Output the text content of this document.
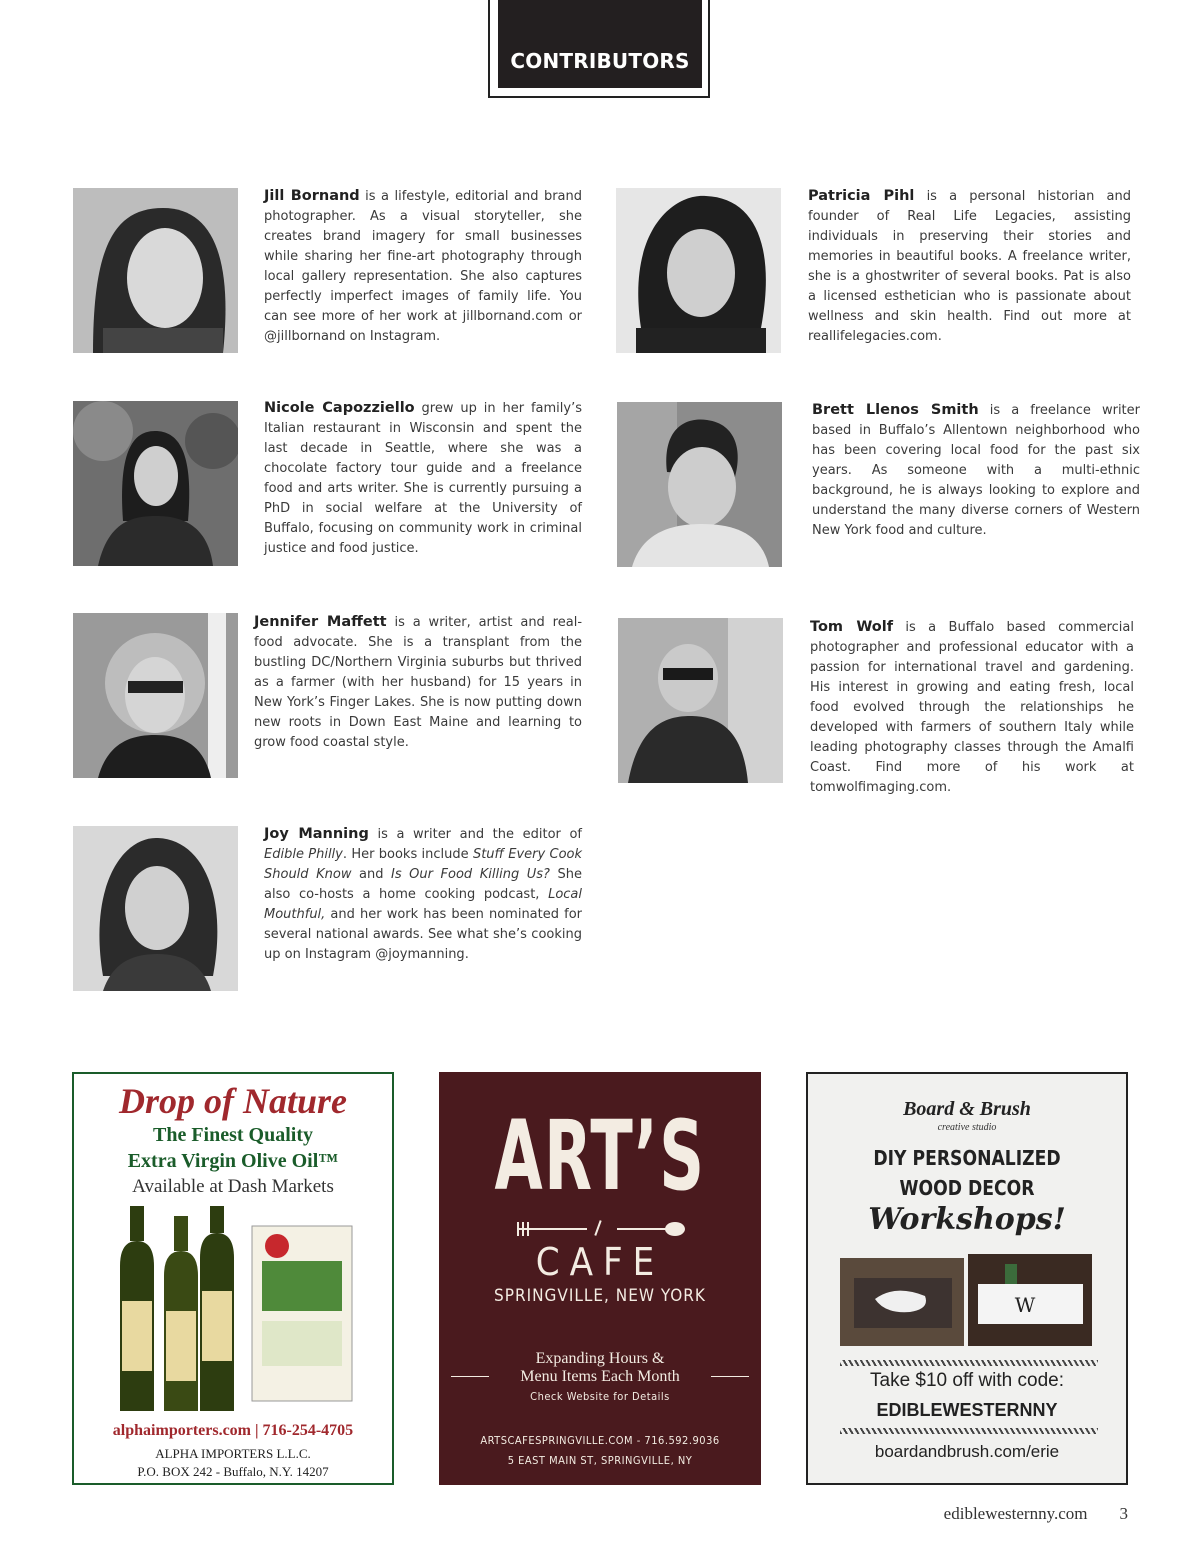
CONTRIBUTORS
Jill Bornand is a lifestyle, editorial and brand photographer. As a visual storyteller, she creates brand imagery for small businesses while sharing her fine-art photography through local gallery representation. She also captures perfectly imperfect images of family life. You can see more of her work at jillbornand.com or @jillbornand on Instagram.
Patricia Pihl is a personal historian and founder of Real Life Legacies, assisting individuals in preserving their stories and memories in beautiful books. A freelance writer, she is a ghostwriter of several books. Pat is also a licensed esthetician who is passionate about wellness and skin health. Find out more at reallifelegacies.com.
Nicole Capozziello grew up in her family’s Italian restaurant in Wisconsin and spent the last decade in Seattle, where she was a chocolate factory tour guide and a freelance food and arts writer. She is currently pursuing a PhD in social welfare at the University of Buffalo, focusing on community work in criminal justice and food justice.
Brett Llenos Smith is a freelance writer based in Buffalo’s Allentown neighborhood who has been covering local food for the past six years. As someone with a multi-ethnic background, he is always looking to explore and understand the many diverse corners of Western New York food and culture.
Jennifer Maffett is a writer, artist and real-food advocate. She is a transplant from the bustling DC/Northern Virginia suburbs but thrived as a farmer (with her husband) for 15 years in New York’s Finger Lakes. She is now putting down new roots in Down East Maine and learning to grow food coastal style.
Tom Wolf is a Buffalo based commercial photographer and professional educator with a passion for international travel and gardening. His interest in growing and eating fresh, local food evolved through the relationships he developed with farmers of southern Italy while leading photography classes through the Amalfi Coast. Find more of his work at tomwolfimaging.com.
Joy Manning is a writer and the editor of Edible Philly. Her books include Stuff Every Cook Should Know and Is Our Food Killing Us? She also co-hosts a home cooking podcast, Local Mouthful, and her work has been nominated for several national awards. See what she’s cooking up on Instagram @joymanning.
Drop of Nature
The Finest Quality
Extra Virgin Olive Oil™
Available at Dash Markets
alphaimporters.com | 716-254-4705
ALPHA IMPORTERS L.L.C.
P.O. BOX 242 - Buffalo, N.Y. 14207
ART’S
CAFE
SPRINGVILLE, NEW YORK
Expanding Hours &
Menu Items Each Month
Check Website for Details
ARTSCAFESPRINGVILLE.COM - 716.592.9036
5 EAST MAIN ST, SPRINGVILLE, NY
Board & Brush
creative studio
DIY PERSONALIZED
WOOD DECOR
Workshops!
W
Take $10 off with code:
EDIBLEWESTERNNY
boardandbrush.com/erie
ediblewesternny.com 3
